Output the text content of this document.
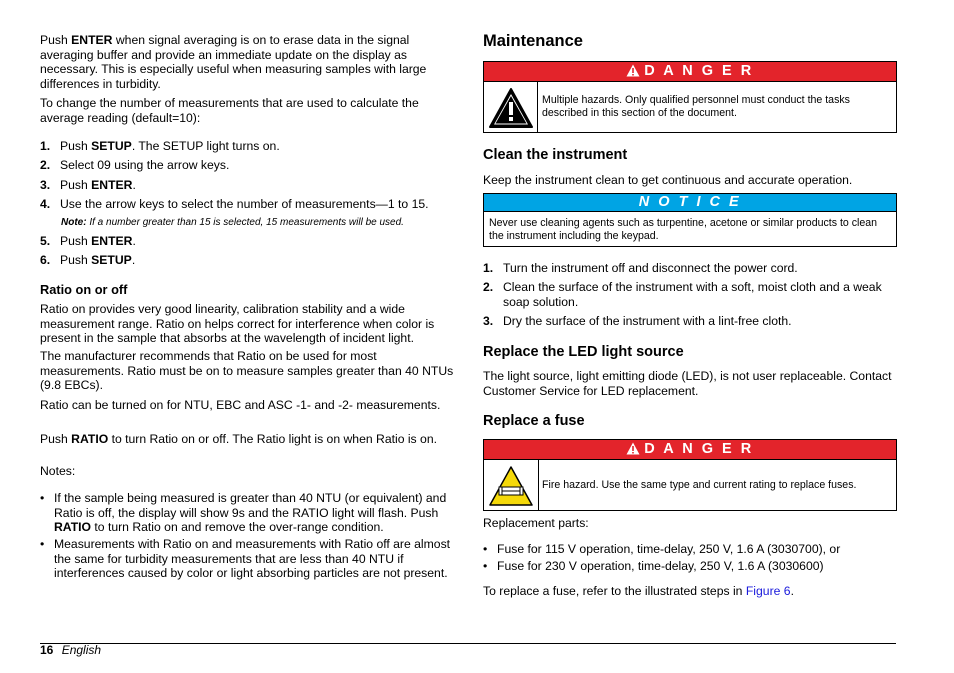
Push ENTER when signal averaging is on to erase data in the signal averaging buffer and provide an immediate update on the display as necessary. This is especially useful when measuring samples with large differences in turbidity.

To change the number of measurements that are used to calculate the average reading (default=10):

1. Push SETUP. The SETUP light turns on.
2. Select 09 using the arrow keys.
3. Push ENTER.
4. Use the arrow keys to select the number of measurements—1 to 15.
Note: If a number greater than 15 is selected, 15 measurements will be used.
5. Push ENTER.
6. Push SETUP.
Ratio on or off

Ratio on provides very good linearity, calibration stability and a wide measurement range. Ratio on helps correct for interference when color is present in the sample that absorbs at the wavelength of incident light.

The manufacturer recommends that Ratio on be used for most measurements. Ratio must be on to measure samples greater than 40 NTUs (9.8 EBCs).

Ratio can be turned on for NTU, EBC and ASC -1- and -2- measurements.

Push RATIO to turn Ratio on or off. The Ratio light is on when Ratio is on.

Notes:

• If the sample being measured is greater than 40 NTU (or equivalent) and Ratio is off, the display will show 9s and the RATIO light will flash. Push RATIO to turn Ratio on and remove the over-range condition.
• Measurements with Ratio on and measurements with Ratio off are almost the same for turbidity measurements that are less than 40 NTU if interferences caused by color or light absorbing particles are not present.
Maintenance
D A N G E R
Multiple hazards. Only qualified personnel must conduct the tasks described in this section of the document.
Clean the instrument

Keep the instrument clean to get continuous and accurate operation.

N O T I C E
Never use cleaning agents such as turpentine, acetone or similar products to clean the instrument including the keypad.
1. Turn the instrument off and disconnect the power cord.
2. Clean the surface of the instrument with a soft, moist cloth and a weak soap solution.
3. Dry the surface of the instrument with a lint-free cloth.
Replace the LED light source

The light source, light emitting diode (LED), is not user replaceable. Contact Customer Service for LED replacement.

Replace a fuse
D A N G E R
Fire hazard. Use the same type and current rating to replace fuses.

Replacement parts:

• Fuse for 115 V operation, time-delay, 250 V, 1.6 A (3030700), or
• Fuse for 230 V operation, time-delay, 250 V, 1.6 A (3030600)

To replace a fuse, refer to the illustrated steps in Figure 6.

16 English
